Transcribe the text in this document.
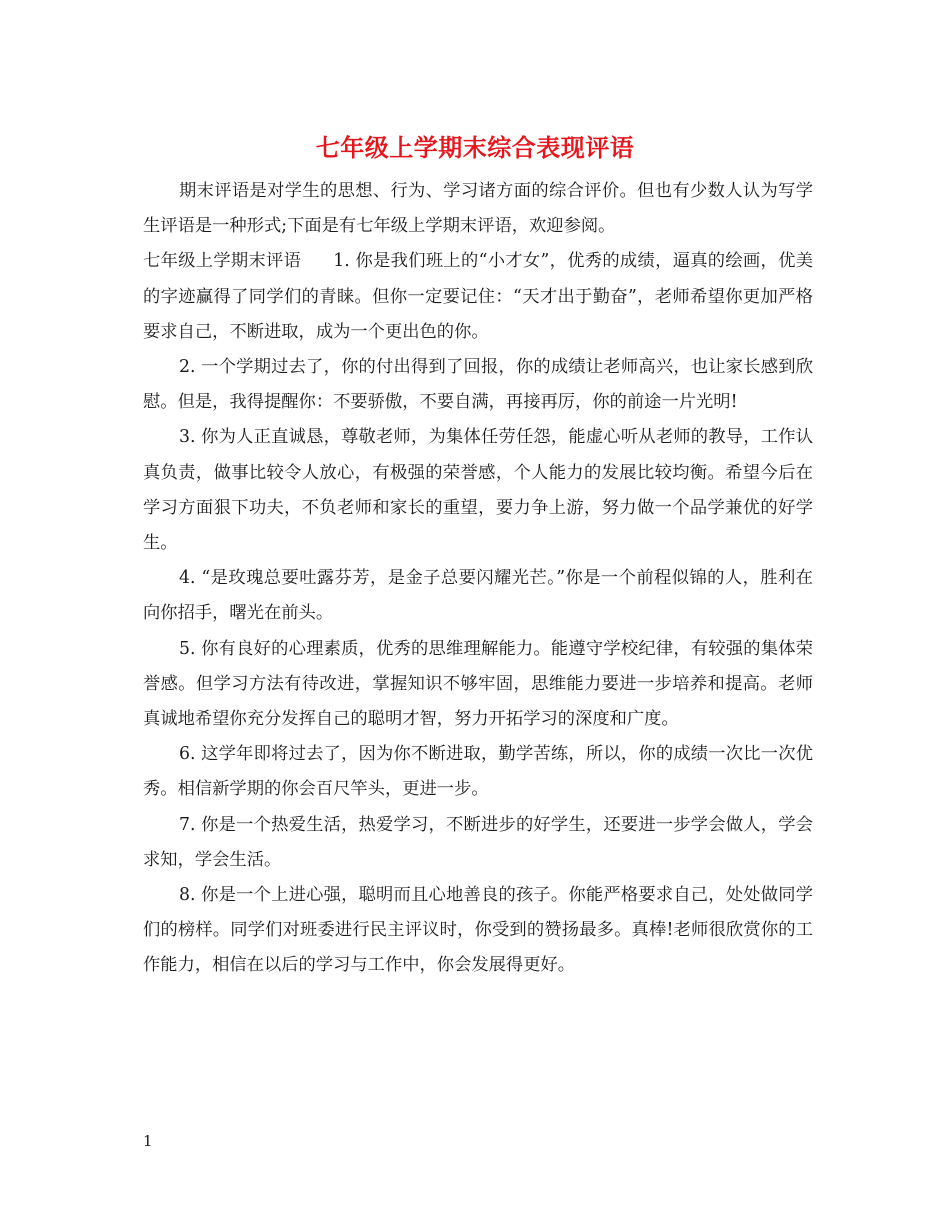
七年级上学期末综合表现评语

期末评语是对学生的思想、行为、学习诸方面的综合评价。但也有少数人认为写学生评语是一种形式;下面是有七年级上学期末评语，欢迎参阅。

七年级上学期末评语 1. 你是我们班上的“小才女”，优秀的成绩，逼真的绘画，优美的字迹赢得了同学们的青睐。但你一定要记住：“天才出于勤奋”，老师希望你更加严格要求自己，不断进取，成为一个更出色的你。

2. 一个学期过去了，你的付出得到了回报，你的成绩让老师高兴，也让家长感到欣慰。但是，我得提醒你：不要骄傲，不要自满，再接再厉，你的前途一片光明!

3. 你为人正直诚恳，尊敬老师，为集体任劳任怨，能虚心听从老师的教导，工作认真负责，做事比较令人放心，有极强的荣誉感，个人能力的发展比较均衡。希望今后在学习方面狠下功夫，不负老师和家长的重望，要力争上游，努力做一个品学兼优的好学生。

4. “是玫瑰总要吐露芬芳，是金子总要闪耀光芒。”你是一个前程似锦的人，胜利在向你招手，曙光在前头。

5. 你有良好的心理素质，优秀的思维理解能力。能遵守学校纪律，有较强的集体荣誉感。但学习方法有待改进，掌握知识不够牢固，思维能力要进一步培养和提高。老师真诚地希望你充分发挥自己的聪明才智，努力开拓学习的深度和广度。

6. 这学年即将过去了，因为你不断进取，勤学苦练，所以，你的成绩一次比一次优秀。相信新学期的你会百尺竿头，更进一步。

7. 你是一个热爱生活，热爱学习，不断进步的好学生，还要进一步学会做人，学会求知，学会生活。

8. 你是一个上进心强，聪明而且心地善良的孩子。你能严格要求自己，处处做同学们的榜样。同学们对班委进行民主评议时，你受到的赞扬最多。真棒!老师很欣赏你的工作能力，相信在以后的学习与工作中，你会发展得更好。

1
